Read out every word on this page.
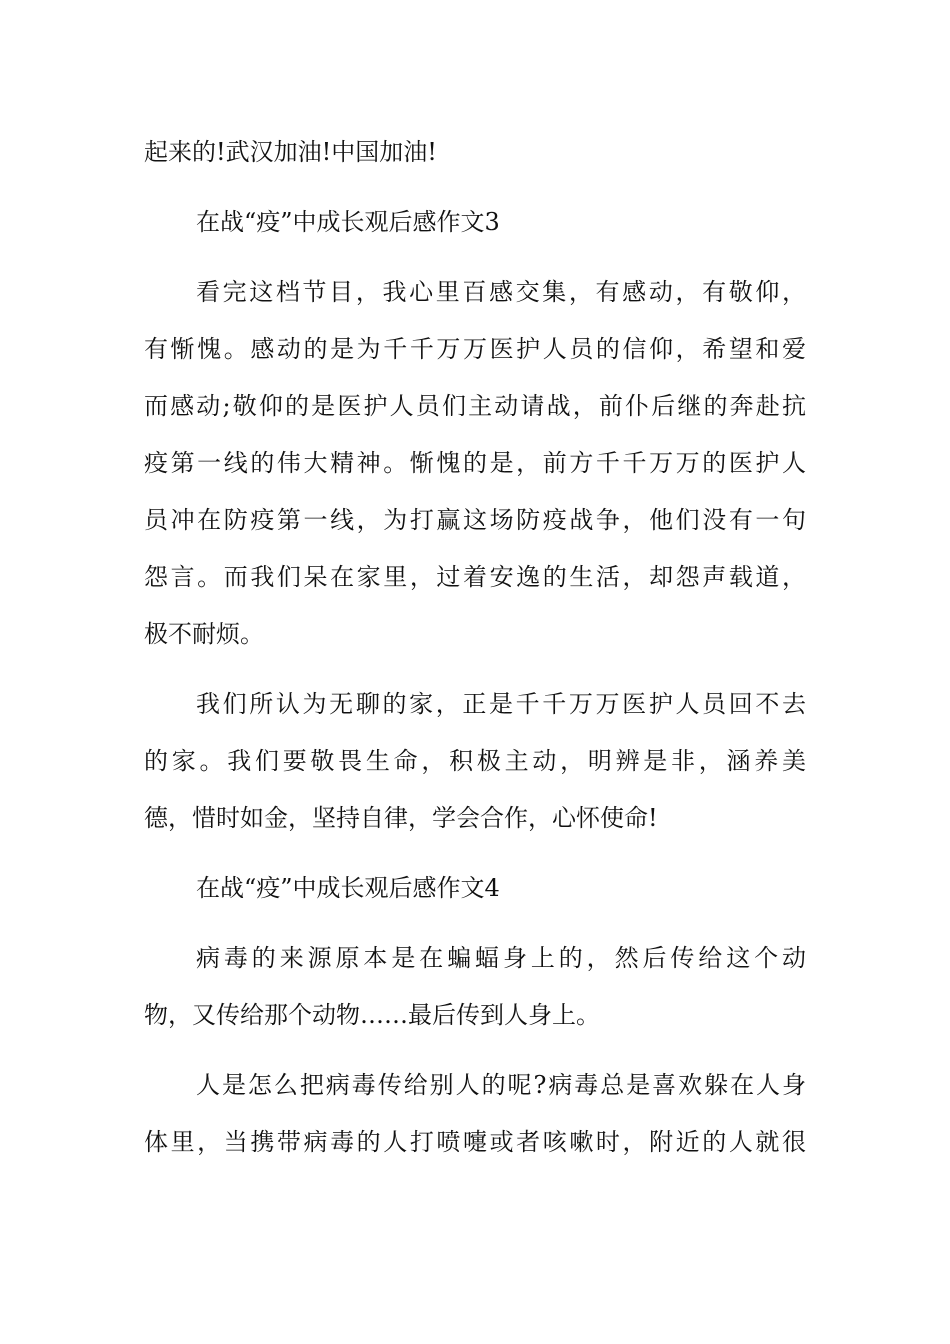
起来的!武汉加油!中国加油!
在战“疫”中成长观后感作文3
看完这档节目，我心里百感交集，有感动，有敬仰，
有惭愧。感动的是为千千万万医护人员的信仰，希望和爱
而感动;敬仰的是医护人员们主动请战，前仆后继的奔赴抗
疫第一线的伟大精神。惭愧的是，前方千千万万的医护人
员冲在防疫第一线，为打赢这场防疫战争，他们没有一句
怨言。而我们呆在家里，过着安逸的生活，却怨声载道，
极不耐烦。
我们所认为无聊的家，正是千千万万医护人员回不去
的家。我们要敬畏生命，积极主动，明辨是非，涵养美
德，惜时如金，坚持自律，学会合作，心怀使命!
在战“疫”中成长观后感作文4
病毒的来源原本是在蝙蝠身上的，然后传给这个动
物，又传给那个动物……最后传到人身上。
人是怎么把病毒传给别人的呢?病毒总是喜欢躲在人身
体里，当携带病毒的人打喷嚏或者咳嗽时，附近的人就很
